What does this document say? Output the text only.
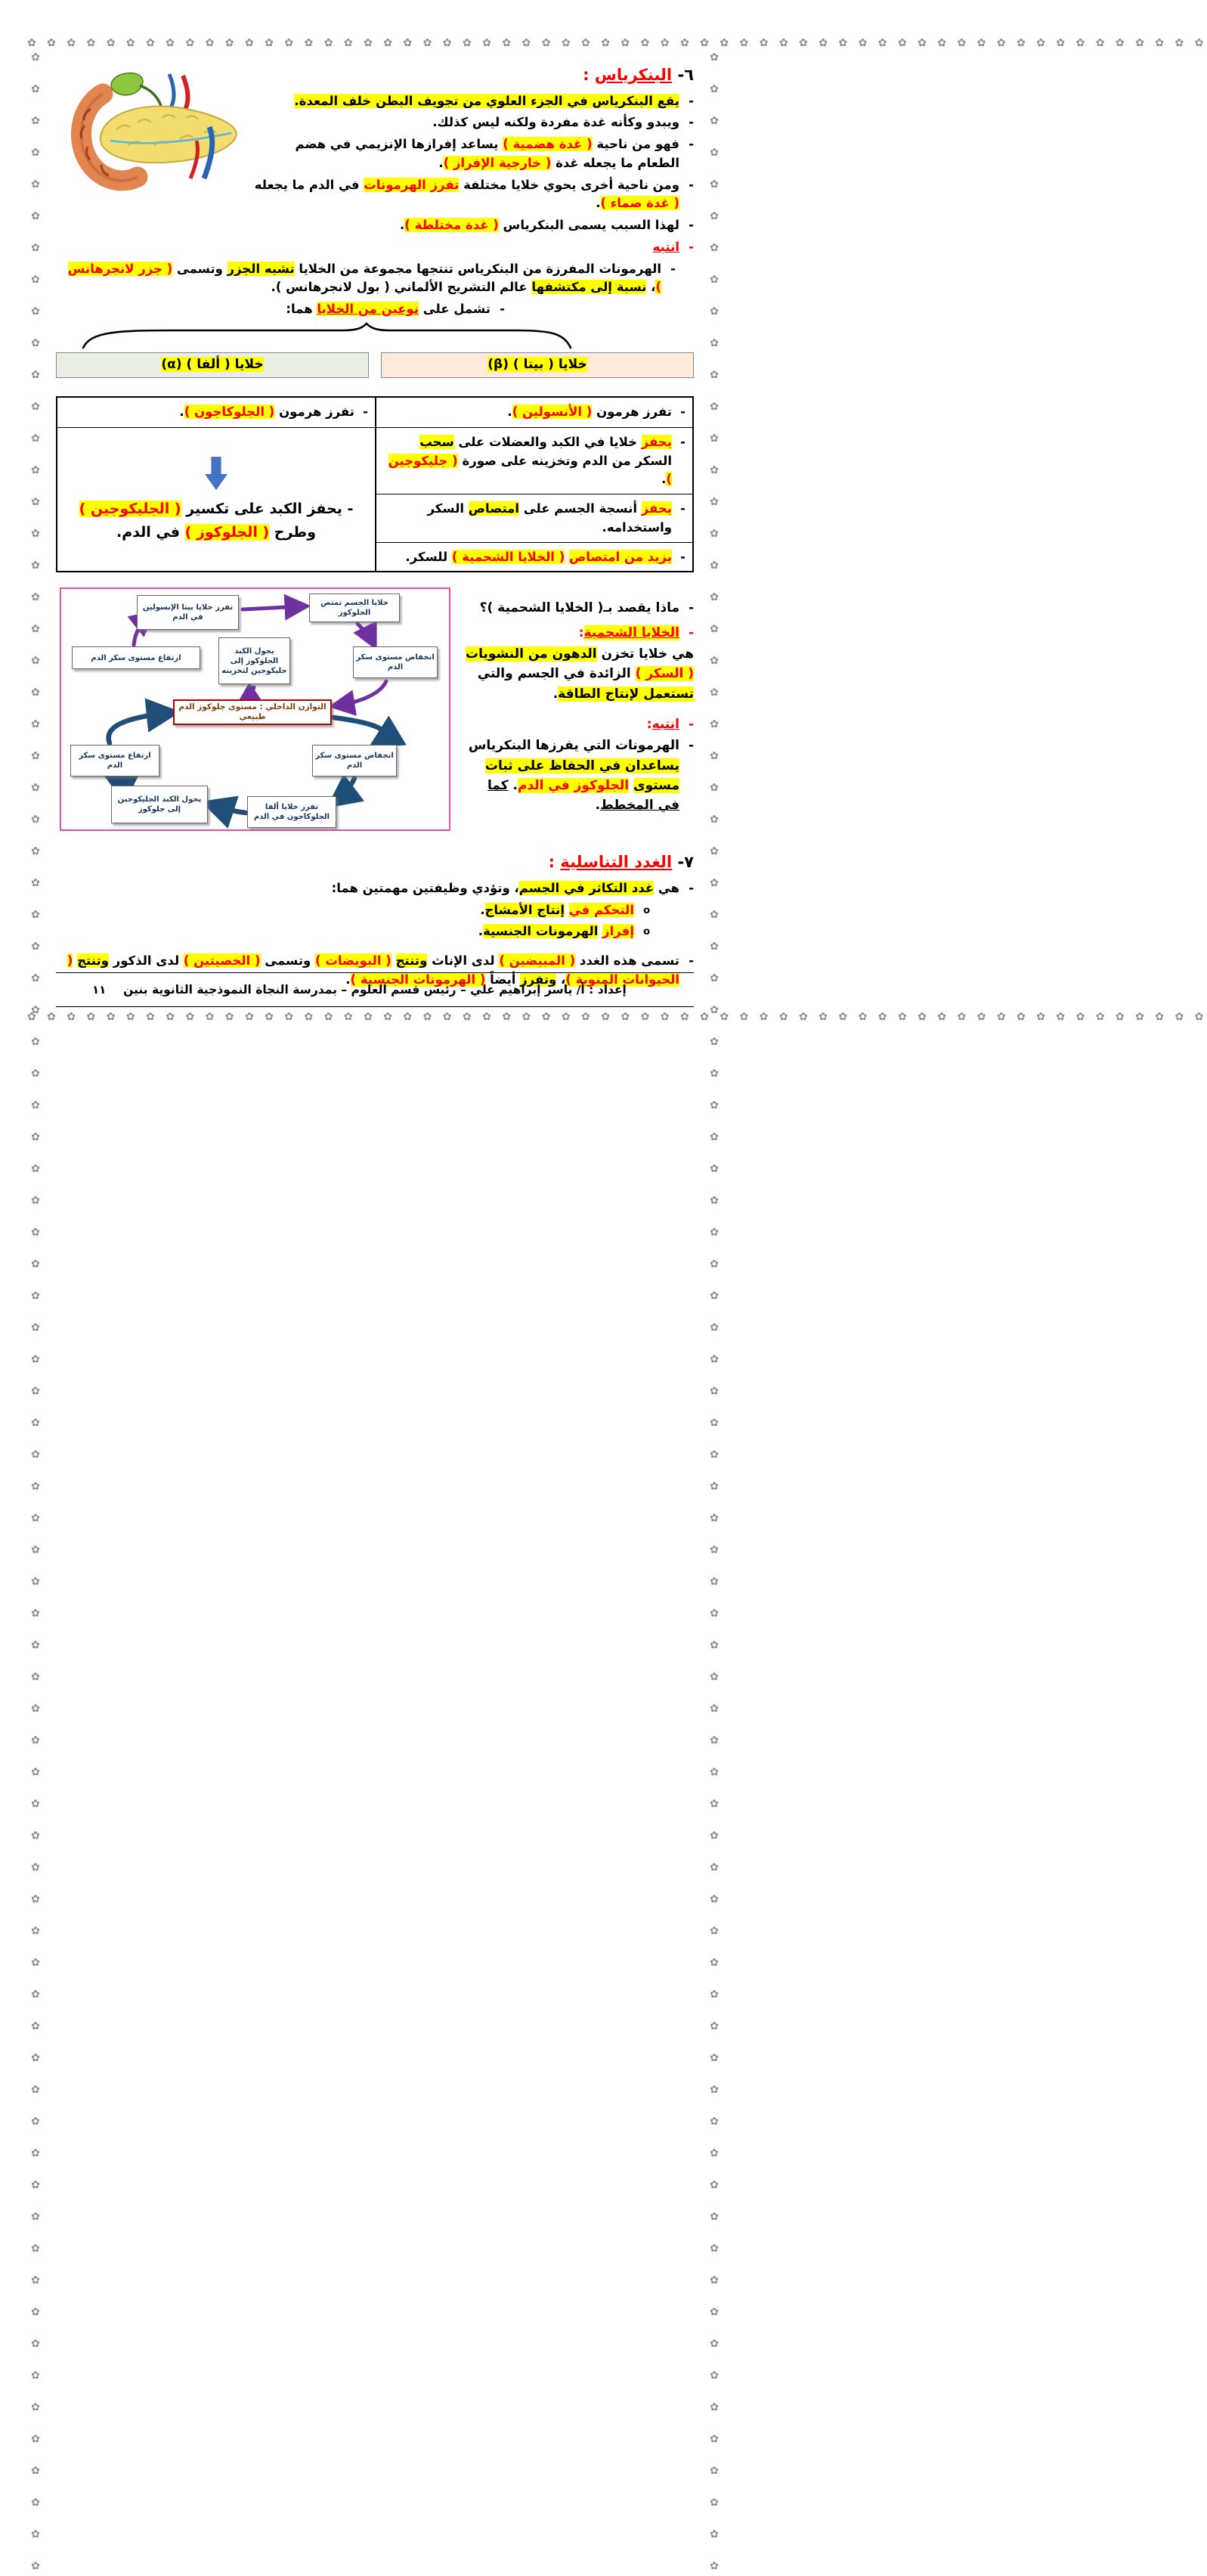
✿ ✿ ✿ ✿ ✿ ✿ ✿ ✿ ✿ ✿ ✿ ✿ ✿ ✿ ✿ ✿ ✿ ✿ ✿ ✿ ✿ ✿ ✿ ✿ ✿ ✿ ✿ ✿ ✿ ✿ ✿ ✿ ✿ ✿ ✿ ✿ ✿ ✿ ✿ ✿ ✿ ✿ ✿ ✿ ✿ ✿ ✿ ✿ ✿ ✿ ✿ ✿ ✿ ✿ ✿ ✿ ✿ ✿ ✿ ✿
✿ ✿ ✿ ✿ ✿ ✿ ✿ ✿ ✿ ✿ ✿ ✿ ✿ ✿ ✿ ✿ ✿ ✿ ✿ ✿ ✿ ✿ ✿ ✿ ✿ ✿ ✿ ✿ ✿ ✿ ✿ ✿ ✿ ✿ ✿ ✿ ✿ ✿ ✿ ✿ ✿ ✿ ✿ ✿ ✿ ✿ ✿ ✿ ✿ ✿ ✿ ✿ ✿ ✿ ✿ ✿ ✿ ✿ ✿ ✿
✿ ✿ ✿ ✿ ✿ ✿ ✿ ✿ ✿ ✿ ✿ ✿ ✿ ✿ ✿ ✿ ✿ ✿ ✿ ✿ ✿ ✿ ✿ ✿ ✿ ✿ ✿ ✿ ✿ ✿ ✿ ✿ ✿ ✿ ✿ ✿ ✿ ✿ ✿ ✿ ✿ ✿ ✿ ✿ ✿ ✿ ✿ ✿ ✿ ✿ ✿ ✿ ✿ ✿ ✿ ✿ ✿ ✿ ✿ ✿ ✿ ✿ ✿ ✿ ✿ ✿ ✿ ✿ ✿ ✿ ✿ ✿ ✿ ✿ ✿ ✿ ✿ ✿ ✿ ✿	✿ ✿ ✿ ✿ ✿ ✿ ✿ ✿ ✿ ✿ ✿ ✿ ✿ ✿ ✿ ✿ ✿ ✿ ✿ ✿ ✿ ✿ ✿ ✿ ✿ ✿ ✿ ✿ ✿ ✿ ✿ ✿ ✿ ✿ ✿ ✿ ✿ ✿ ✿ ✿ ✿ ✿ ✿ ✿ ✿ ✿ ✿ ✿ ✿ ✿ ✿ ✿ ✿ ✿ ✿ ✿ ✿ ✿ ✿ ✿ ✿ ✿ ✿ ✿ ✿ ✿ ✿ ✿ ✿ ✿ ✿ ✿ ✿ ✿ ✿ ✿ ✿ ✿ ✿ ✿
٦- البنكرياس :
-
يقع البنكرياس في الجزء العلوي من تجويف البطن خلف المعدة.
-
ويبدو وكأنه غدة مفردة ولكنه ليس كذلك.
-
فهو من ناحية ( غدة هضمية ) يساعد إفرازها الإنزيمي في هضم الطعام ما يجعله غدة ( خارجية الإفراز ).
-
ومن ناحية أخرى يحوي خلايا مختلفة تفرز الهرمونات في الدم ما يجعله ( غدة صماء ).
-
لهذا السبب يسمى البنكرياس ( غدة مختلطة ).
-
انتبه
-
الهرمونات المفرزة من البنكرياس تنتجها مجموعة من الخلايا تشبه الجزر وتسمى ( جزر لانجرهانس )، نسبة إلى مكتشفها عالم التشريح الألماني ( بول لانجرهانس ).
-
تشمل على نوعين من الخلايا هما:
خلايا ( بيتا ) (β)
خلايا ( ألفا ) (α)
-
تفرز هرمون ( الأنسولين ).
-
يحفز خلايا في الكبد والعضلات على سحب السكر من الدم وتخزينه على صورة ( جليكوجين ).
-
يحفز أنسجة الجسم على امتصاص السكر واستخدامه.
-
يزيد من امتصاص ( الخلايا الشحمية ) للسكر.
-
تفرز هرمون ( الجلوكاجون ).
- يحفز الكبد على تكسير ( الجليكوجين ) وطرح ( الجلوكوز ) في الدم.
-
ماذا يقصد بـ( الخلايا الشحمية )؟
-
الخلايا الشحمية:
هي خلايا تخزن الدهون من النشويات ( السكر ) الزائدة في الجسم والتي تستعمل لإنتاج الطاقة.
-
انتبه:
-
الهرمونات التي يفرزها البنكرياس يساعدان في الحفاظ على ثبات مستوى الجلوكوز في الدم. كما في المخطط.
تفرز خلايا بيتا الإنسولين في الدم
خلايا الجسم تمتص الجلوكوز
ارتفاع مستوى سكر الدم
يحول الكبد الجلوكوز إلى جليكوجين لتخزينه
انخفاض مستوى سكر الدم
التوازن الداخلي : مستوى جلوكوز الدم طبيعي
انخفاض مستوى سكر الدم
ارتفاع مستوى سكر الدم
يحول الكبد الجليكوجين إلى جلوكوز	تفرز خلايا ألفا الجلوكاجون في الدم
٧- الغدد التناسلية :
-
هي غدد التكاثر في الجسم، وتؤدي وظيفتين مهمتين هما:
o
التحكم في إنتاج الأمشاج.
o
إفراز الهرمونات الجنسية.
-
تسمى هذه الغدد ( المبيضين ) لدى الإناث وتنتج ( البويضات ) وتسمى ( الخصيتين ) لدى الذكور وتنتج ( الحيوانات المنوية )، وتفرز أيضاً ( الهرمونات الجنسية ).
إعداد : أ/ ياسر إبراهيم علي – رئيس قسم العلوم – بمدرسة النجاة النموذجية الثانوية بنين
١١
